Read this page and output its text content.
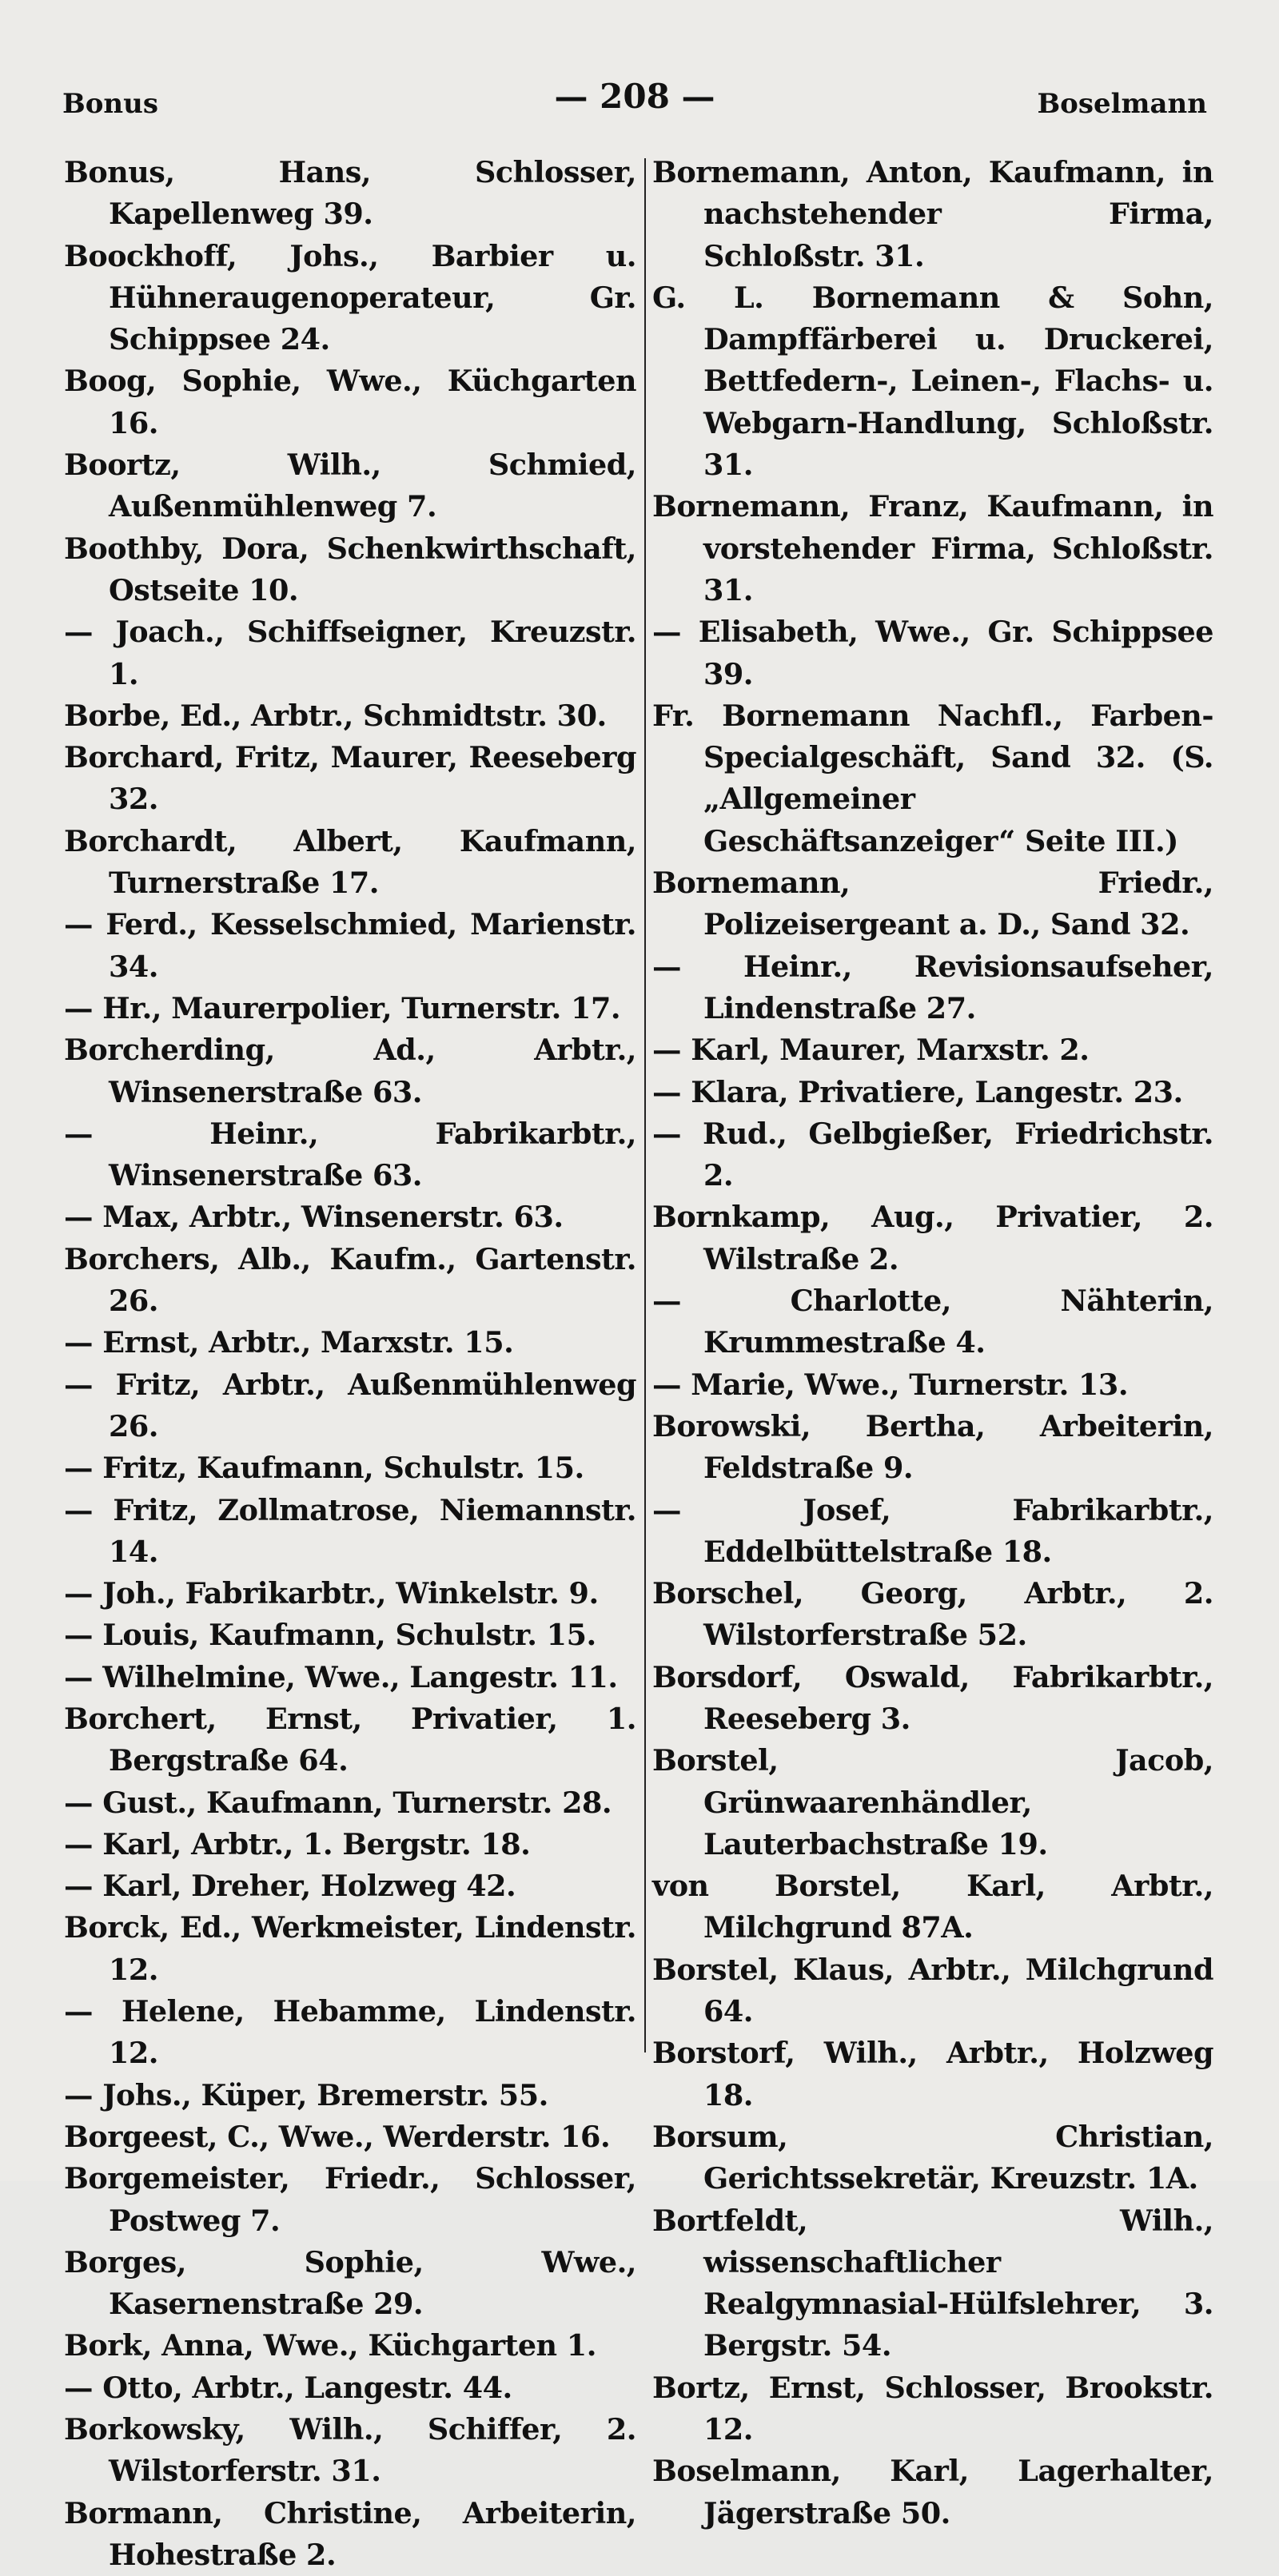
Bonus	— 208 —	Boselmann

Bonus, Hans, Schlosser, Kapellenweg 39.

Boockhoff, Johs., Barbier u. Hühneraugenoperateur, Gr. Schippsee 24.

Boog, Sophie, Wwe., Küchgarten 16.

Boortz, Wilh., Schmied, Außenmühlenweg 7.

Boothby, Dora, Schenkwirthschaft, Ostseite 10.

— Joach., Schiffseigner, Kreuzstr. 1.

Borbe, Ed., Arbtr., Schmidtstr. 30.

Borchard, Fritz, Maurer, Reeseberg 32.

Borchardt, Albert, Kaufmann, Turnerstraße 17.

— Ferd., Kesselschmied, Marienstr. 34.

— Hr., Maurerpolier, Turnerstr. 17.

Borcherding, Ad., Arbtr., Winsenerstraße 63.

— Heinr., Fabrikarbtr., Winsenerstraße 63.

— Max, Arbtr., Winsenerstr. 63.

Borchers, Alb., Kaufm., Gartenstr. 26.

— Ernst, Arbtr., Marxstr. 15.

— Fritz, Arbtr., Außenmühlenweg 26.

— Fritz, Kaufmann, Schulstr. 15.

— Fritz, Zollmatrose, Niemannstr. 14.

— Joh., Fabrikarbtr., Winkelstr. 9.

— Louis, Kaufmann, Schulstr. 15.

— Wilhelmine, Wwe., Langestr. 11.

Borchert, Ernst, Privatier, 1. Bergstraße 64.

— Gust., Kaufmann, Turnerstr. 28.

— Karl, Arbtr., 1. Bergstr. 18.

— Karl, Dreher, Holzweg 42.

Borck, Ed., Werkmeister, Lindenstr. 12.

— Helene, Hebamme, Lindenstr. 12.

— Johs., Küper, Bremerstr. 55.

Borgeest, C., Wwe., Werderstr. 16.

Borgemeister, Friedr., Schlosser, Postweg 7.

Borges, Sophie, Wwe., Kasernenstraße 29.

Bork, Anna, Wwe., Küchgarten 1.

— Otto, Arbtr., Langestr. 44.

Borkowsky, Wilh., Schiffer, 2. Wilstorferstr. 31.

Bormann, Christine, Arbeiterin, Hohestraße 2.

Bornemann, Anton, Kaufmann, in nachstehender Firma, Schloßstr. 31.

G. L. Bornemann & Sohn, Dampffärberei u. Druckerei, Bettfedern-, Leinen-, Flachs- u. Webgarn-Handlung, Schloßstr. 31.

Bornemann, Franz, Kaufmann, in vorstehender Firma, Schloßstr. 31.

— Elisabeth, Wwe., Gr. Schippsee 39.

Fr. Bornemann Nachfl., Farben-Specialgeschäft, Sand 32. (S. „Allgemeiner Geschäftsanzeiger“ Seite III.)

Bornemann, Friedr., Polizeisergeant a. D., Sand 32.

— Heinr., Revisionsaufseher, Lindenstraße 27.

— Karl, Maurer, Marxstr. 2.

— Klara, Privatiere, Langestr. 23.

— Rud., Gelbgießer, Friedrichstr. 2.

Bornkamp, Aug., Privatier, 2. Wilstraße 2.

— Charlotte, Nähterin, Krummestraße 4.

— Marie, Wwe., Turnerstr. 13.

Borowski, Bertha, Arbeiterin, Feldstraße 9.

— Josef, Fabrikarbtr., Eddelbüttelstraße 18.

Borschel, Georg, Arbtr., 2. Wilstorferstraße 52.

Borsdorf, Oswald, Fabrikarbtr., Reeseberg 3.

Borstel, Jacob, Grünwaarenhändler, Lauterbachstraße 19.

von Borstel, Karl, Arbtr., Milchgrund 87A.

Borstel, Klaus, Arbtr., Milchgrund 64.

Borstorf, Wilh., Arbtr., Holzweg 18.

Borsum, Christian, Gerichtssekretär, Kreuzstr. 1A.

Bortfeldt, Wilh., wissenschaftlicher Realgymnasial-Hülfslehrer, 3. Bergstr. 54.

Bortz, Ernst, Schlosser, Brookstr. 12.

Boselmann, Karl, Lagerhalter, Jägerstraße 50.
